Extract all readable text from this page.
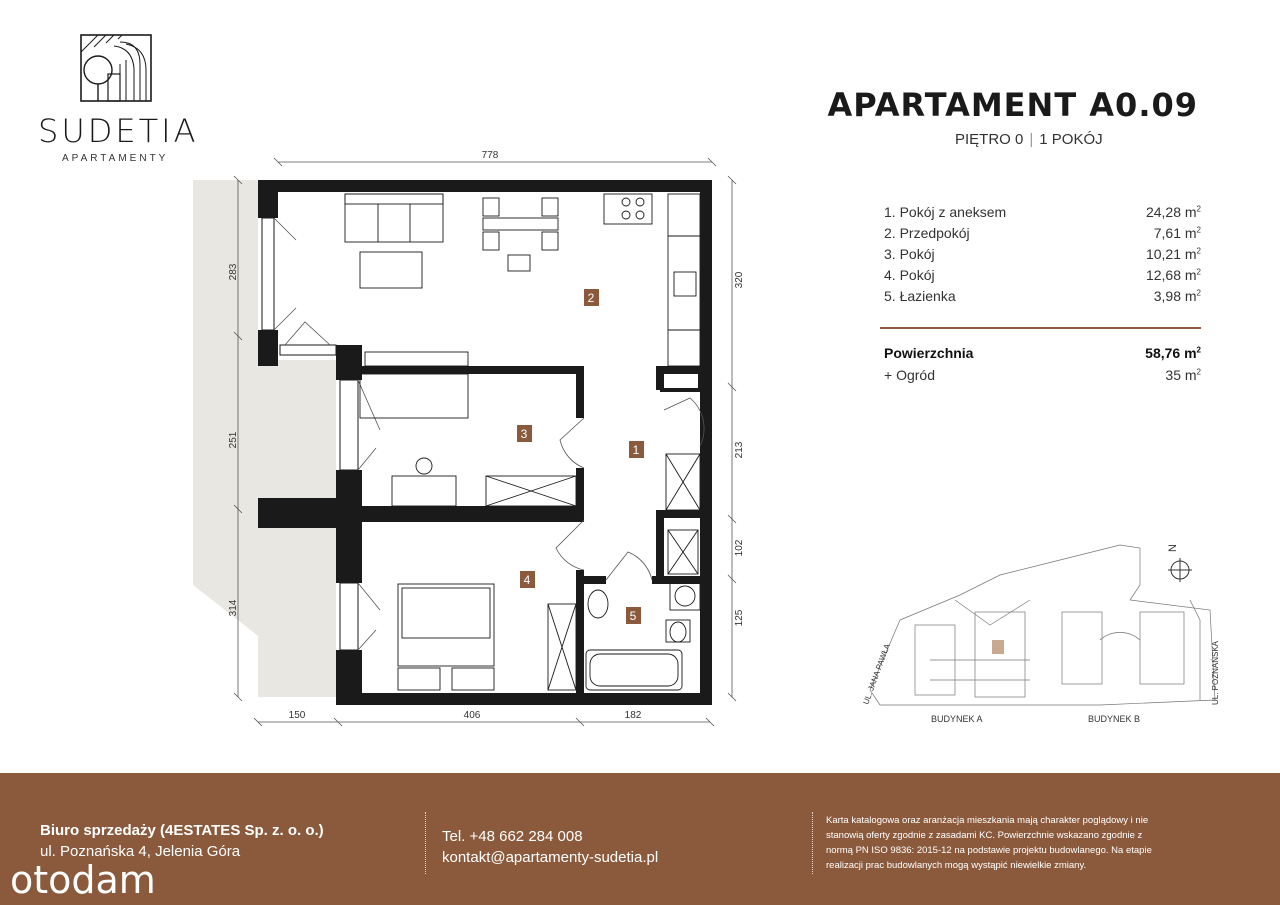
SUDETIA
APARTAMENTY
APARTAMENT A0.09
PIĘTRO 0 | 1 POKÓJ
1. Pokój z aneksem	24,28 $m^2$
2. Przedpokój	7,61 $m^2$
3. Pokój	10,21 $m^2$
4. Pokój	12,68 $m^2$
5. Łazienka	3,98 $m^2$
Powierzchnia	58,76 $m^2$
+ Ogród	35 $m^2$
778
283
251
314
320
213
102
125
150	406	182
2
3
1
4
5
N
UL. JANA PAWŁA	UL. POZNAŃSKA
BUDYNEK A	BUDYNEK B
Biuro sprzedaży (4ESTATES Sp. z. o. o.)
ul. Poznańska 4, Jelenia Góra
Tel. +48 662 284 008
kontakt@apartamenty-sudetia.pl
Karta katalogowa oraz aranżacja mieszkania mają charakter poglądowy i nie
stanowią oferty zgodnie z zasadami KC. Powierzchnie wskazano zgodnie z
normą PN ISO 9836: 2015-12 na podstawie projektu budowlanego. Na etapie
realizacji prac budowlanych mogą wystąpić niewielkie zmiany.
otodam
